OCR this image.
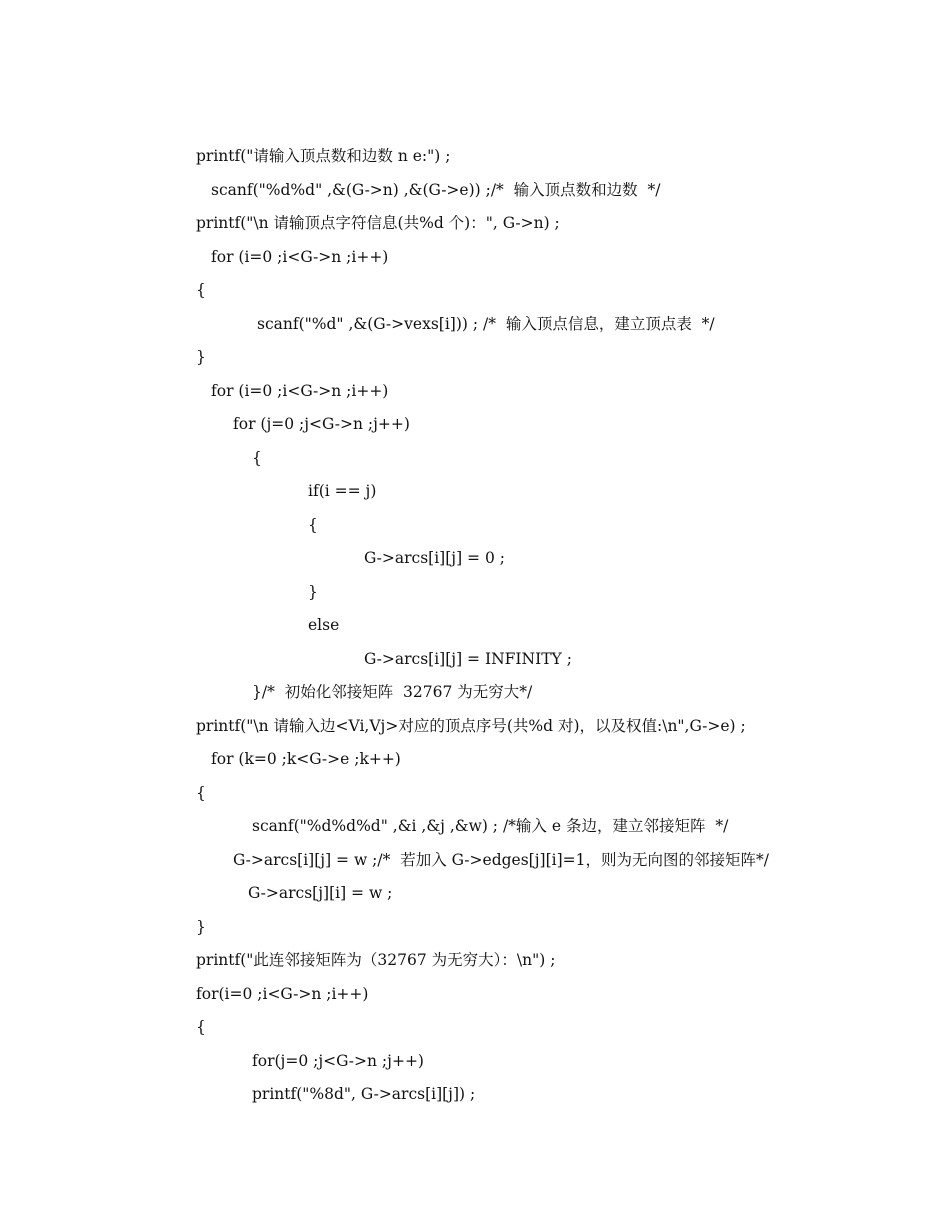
printf("请输入顶点数和边数 n e:") ;
scanf("%d%d" ,&(G->n) ,&(G->e)) ;/*  输入顶点数和边数  */
printf("\n 请输顶点字符信息(共%d 个)：", G->n) ;
for (i=0 ;i<G->n ;i++)
{
scanf("%d" ,&(G->vexs[i])) ; /*  输入顶点信息，建立顶点表  */
}
for (i=0 ;i<G->n ;i++)
for (j=0 ;j<G->n ;j++)
{
if(i == j)
{
G->arcs[i][j] = 0 ;
}
else
G->arcs[i][j] = INFINITY ;
}/*  初始化邻接矩阵  32767 为无穷大*/
printf("\n 请输入边<Vi,Vj>对应的顶点序号(共%d 对)，以及权值:\n",G->e) ;
for (k=0 ;k<G->e ;k++)
{
scanf("%d%d%d" ,&i ,&j ,&w) ; /*输入 e 条边，建立邻接矩阵  */
G->arcs[i][j] = w ;/*  若加入 G->edges[j][i]=1，则为无向图的邻接矩阵*/
G->arcs[j][i] = w ;
}
printf("此连邻接矩阵为（32767 为无穷大）：\n") ;
for(i=0 ;i<G->n ;i++)
{
for(j=0 ;j<G->n ;j++)
printf("%8d", G->arcs[i][j]) ;
